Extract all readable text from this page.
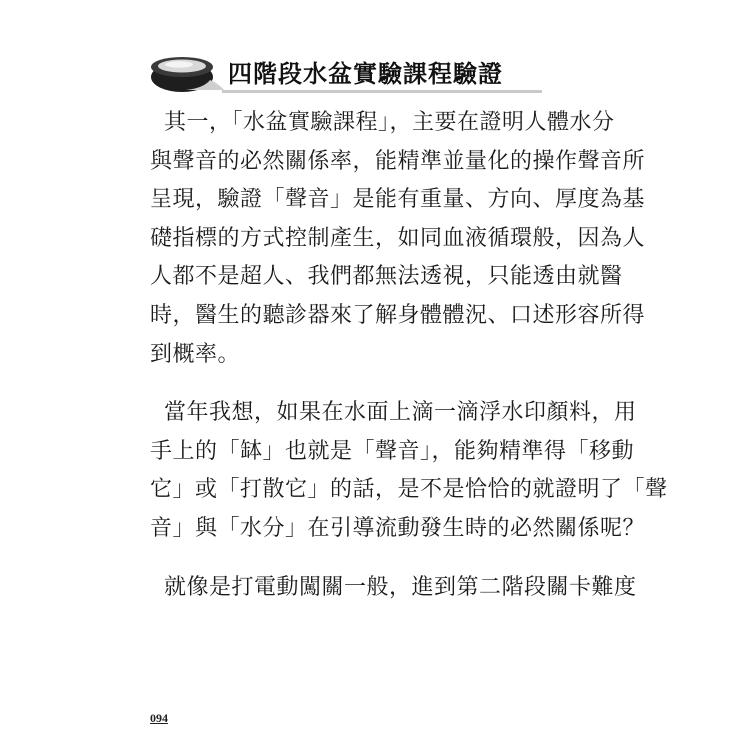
四階段水盆實驗課程驗證

其一，「水盆實驗課程」，主要在證明人體水分
與聲音的必然關係率，能精準並量化的操作聲音所
呈現，驗證「聲音」是能有重量、方向、厚度為基
礎指標的方式控制產生，如同血液循環般，因為人
人都不是超人、我們都無法透視，只能透由就醫
時，醫生的聽診器來了解身體體況、口述形容所得
到概率。

當年我想，如果在水面上滴一滴浮水印顏料，用
手上的「缽」也就是「聲音」，能夠精準得「移動
它」或「打散它」的話，是不是恰恰的就證明了「聲
音」與「水分」在引導流動發生時的必然關係呢？

就像是打電動闖關一般，進到第二階段關卡難度

094
